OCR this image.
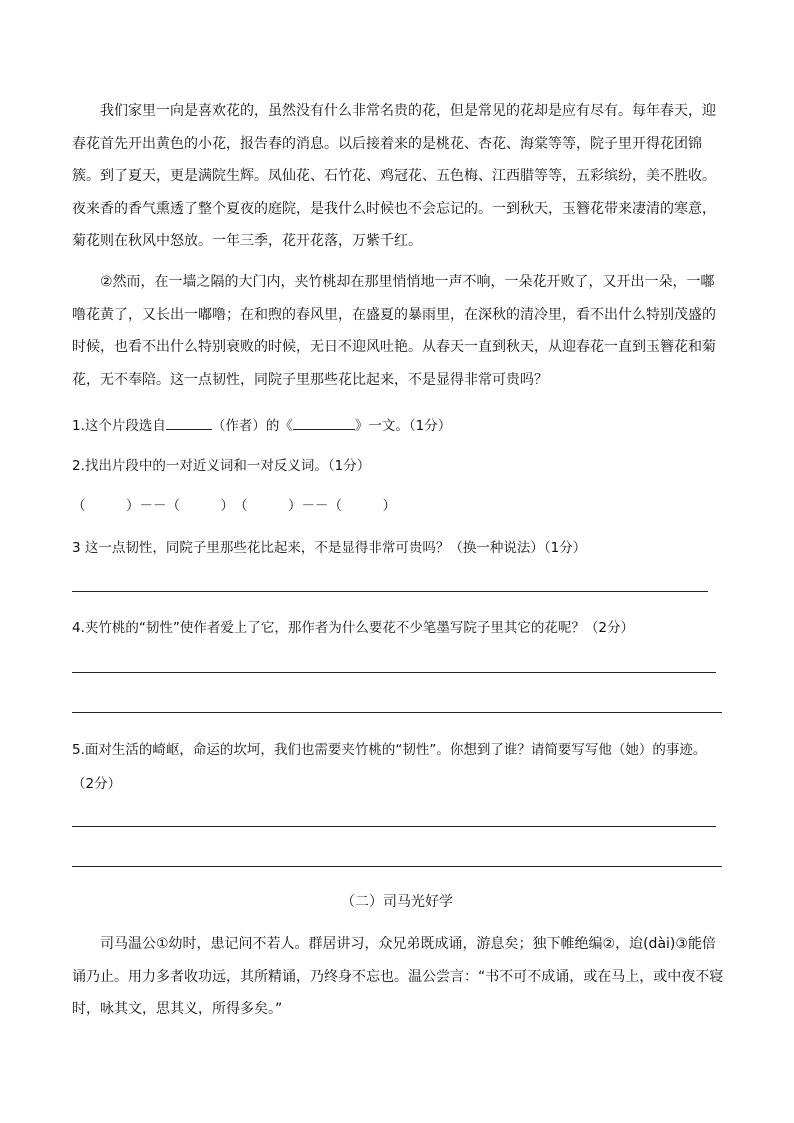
我们家里一向是喜欢花的，虽然没有什么非常名贵的花，但是常见的花却是应有尽有。每年春天，迎春花首先开出黄色的小花，报告春的消息。以后接着来的是桃花、杏花、海棠等等，院子里开得花团锦簇。到了夏天，更是满院生辉。凤仙花、石竹花、鸡冠花、五色梅、江西腊等等，五彩缤纷，美不胜收。夜来香的香气熏透了整个夏夜的庭院，是我什么时候也不会忘记的。一到秋天，玉簪花带来凄清的寒意，菊花则在秋风中怒放。一年三季，花开花落，万紫千红。

②然而，在一墙之隔的大门内，夹竹桃却在那里悄悄地一声不响，一朵花开败了，又开出一朵，一嘟噜花黄了，又长出一嘟噜；在和煦的春风里，在盛夏的暴雨里，在深秋的清冷里，看不出什么特别茂盛的时候，也看不出什么特别衰败的时候，无日不迎风吐艳。从春天一直到秋天，从迎春花一直到玉簪花和菊花，无不奉陪。这一点韧性，同院子里那些花比起来，不是显得非常可贵吗？

1.这个片段选自	（作者）的《	》一文。（1分）
2.找出片段中的一对近义词和一对反义词。（1分）
（　　　）－－（　　　）　（　　　）－－（　　　）
3 这一点韧性，同院子里那些花比起来，不是显得非常可贵吗？（换一种说法）（1分）
4.夹竹桃的“韧性”使作者爱上了它，那作者为什么要花不少笔墨写院子里其它的花呢？（2分）
5.面对生活的崎岖，命运的坎坷，我们也需要夹竹桃的“韧性”。你想到了谁？请简要写写他（她）的事迹。
（2分）
（二）司马光好学

司马温公①幼时，患记问不若人。群居讲习，众兄弟既成诵，游息矣；独下帷绝编②，迨(dài)③能倍诵乃止。用力多者收功远，其所精诵，乃终身不忘也。温公尝言：“书不可不成诵，或在马上，或中夜不寝时，咏其文，思其义，所得多矣。”
